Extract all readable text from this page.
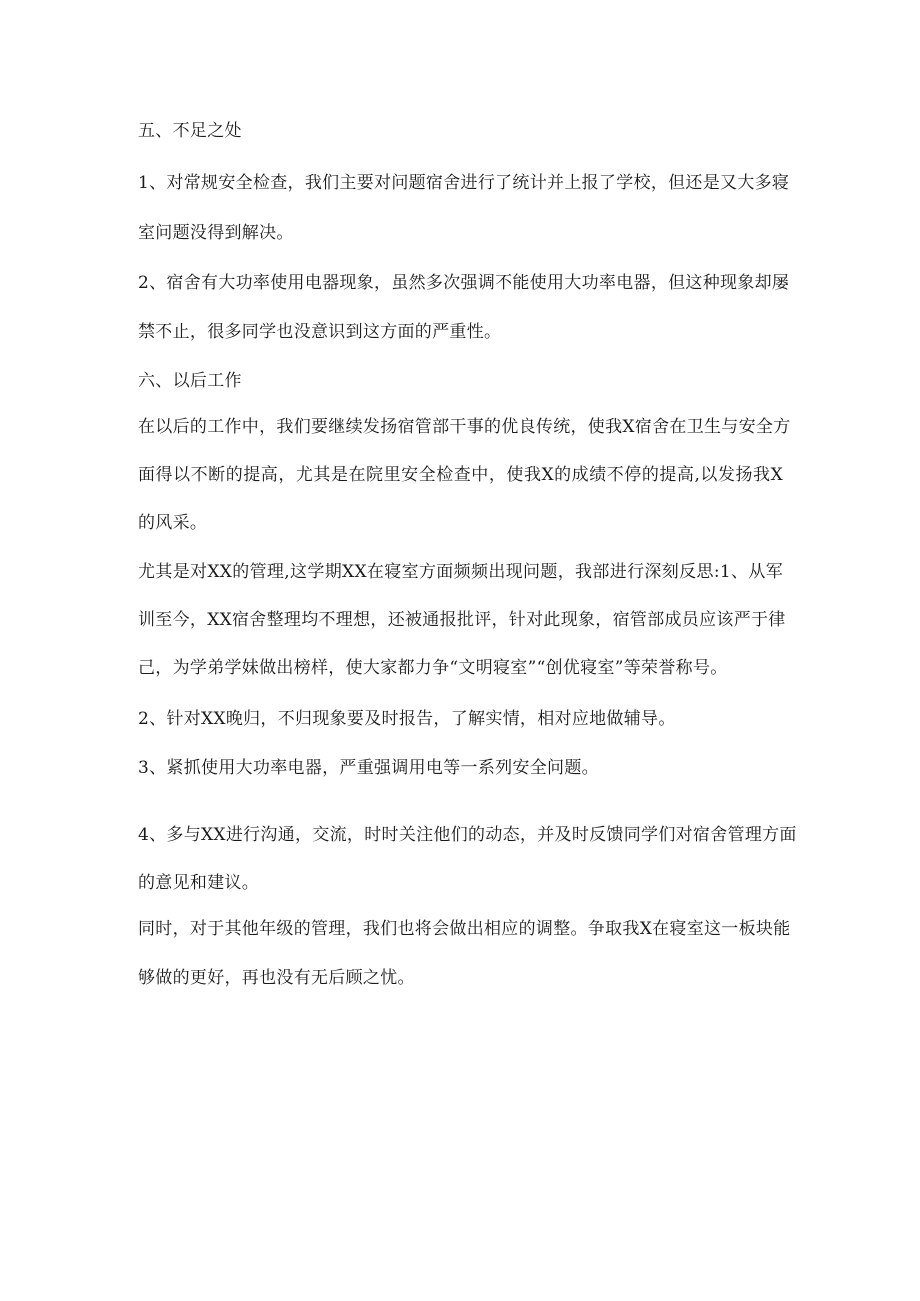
五、不足之处
1、对常规安全检查，我们主要对问题宿舍进行了统计并上报了学校，但还是又大多寝
室问题没得到解决。
2、宿舍有大功率使用电器现象，虽然多次强调不能使用大功率电器，但这种现象却屡
禁不止，很多同学也没意识到这方面的严重性。
六、以后工作
在以后的工作中，我们要继续发扬宿管部干事的优良传统，使我X宿舍在卫生与安全方
面得以不断的提高，尤其是在院里安全检查中，使我X的成绩不停的提高,以发扬我X
的风采。
尤其是对XX的管理,这学期XX在寝室方面频频出现问题，我部进行深刻反思:1、从军
训至今，XX宿舍整理均不理想，还被通报批评，针对此现象，宿管部成员应该严于律
己，为学弟学妹做出榜样，使大家都力争“文明寝室”“创优寝室”等荣誉称号。
2、针对XX晚归，不归现象要及时报告，了解实情，相对应地做辅导。
3、紧抓使用大功率电器，严重强调用电等一系列安全问题。
4、多与XX进行沟通，交流，时时关注他们的动态，并及时反馈同学们对宿舍管理方面
的意见和建议。
同时，对于其他年级的管理，我们也将会做出相应的调整。争取我X在寝室这一板块能
够做的更好，再也没有无后顾之忧。
